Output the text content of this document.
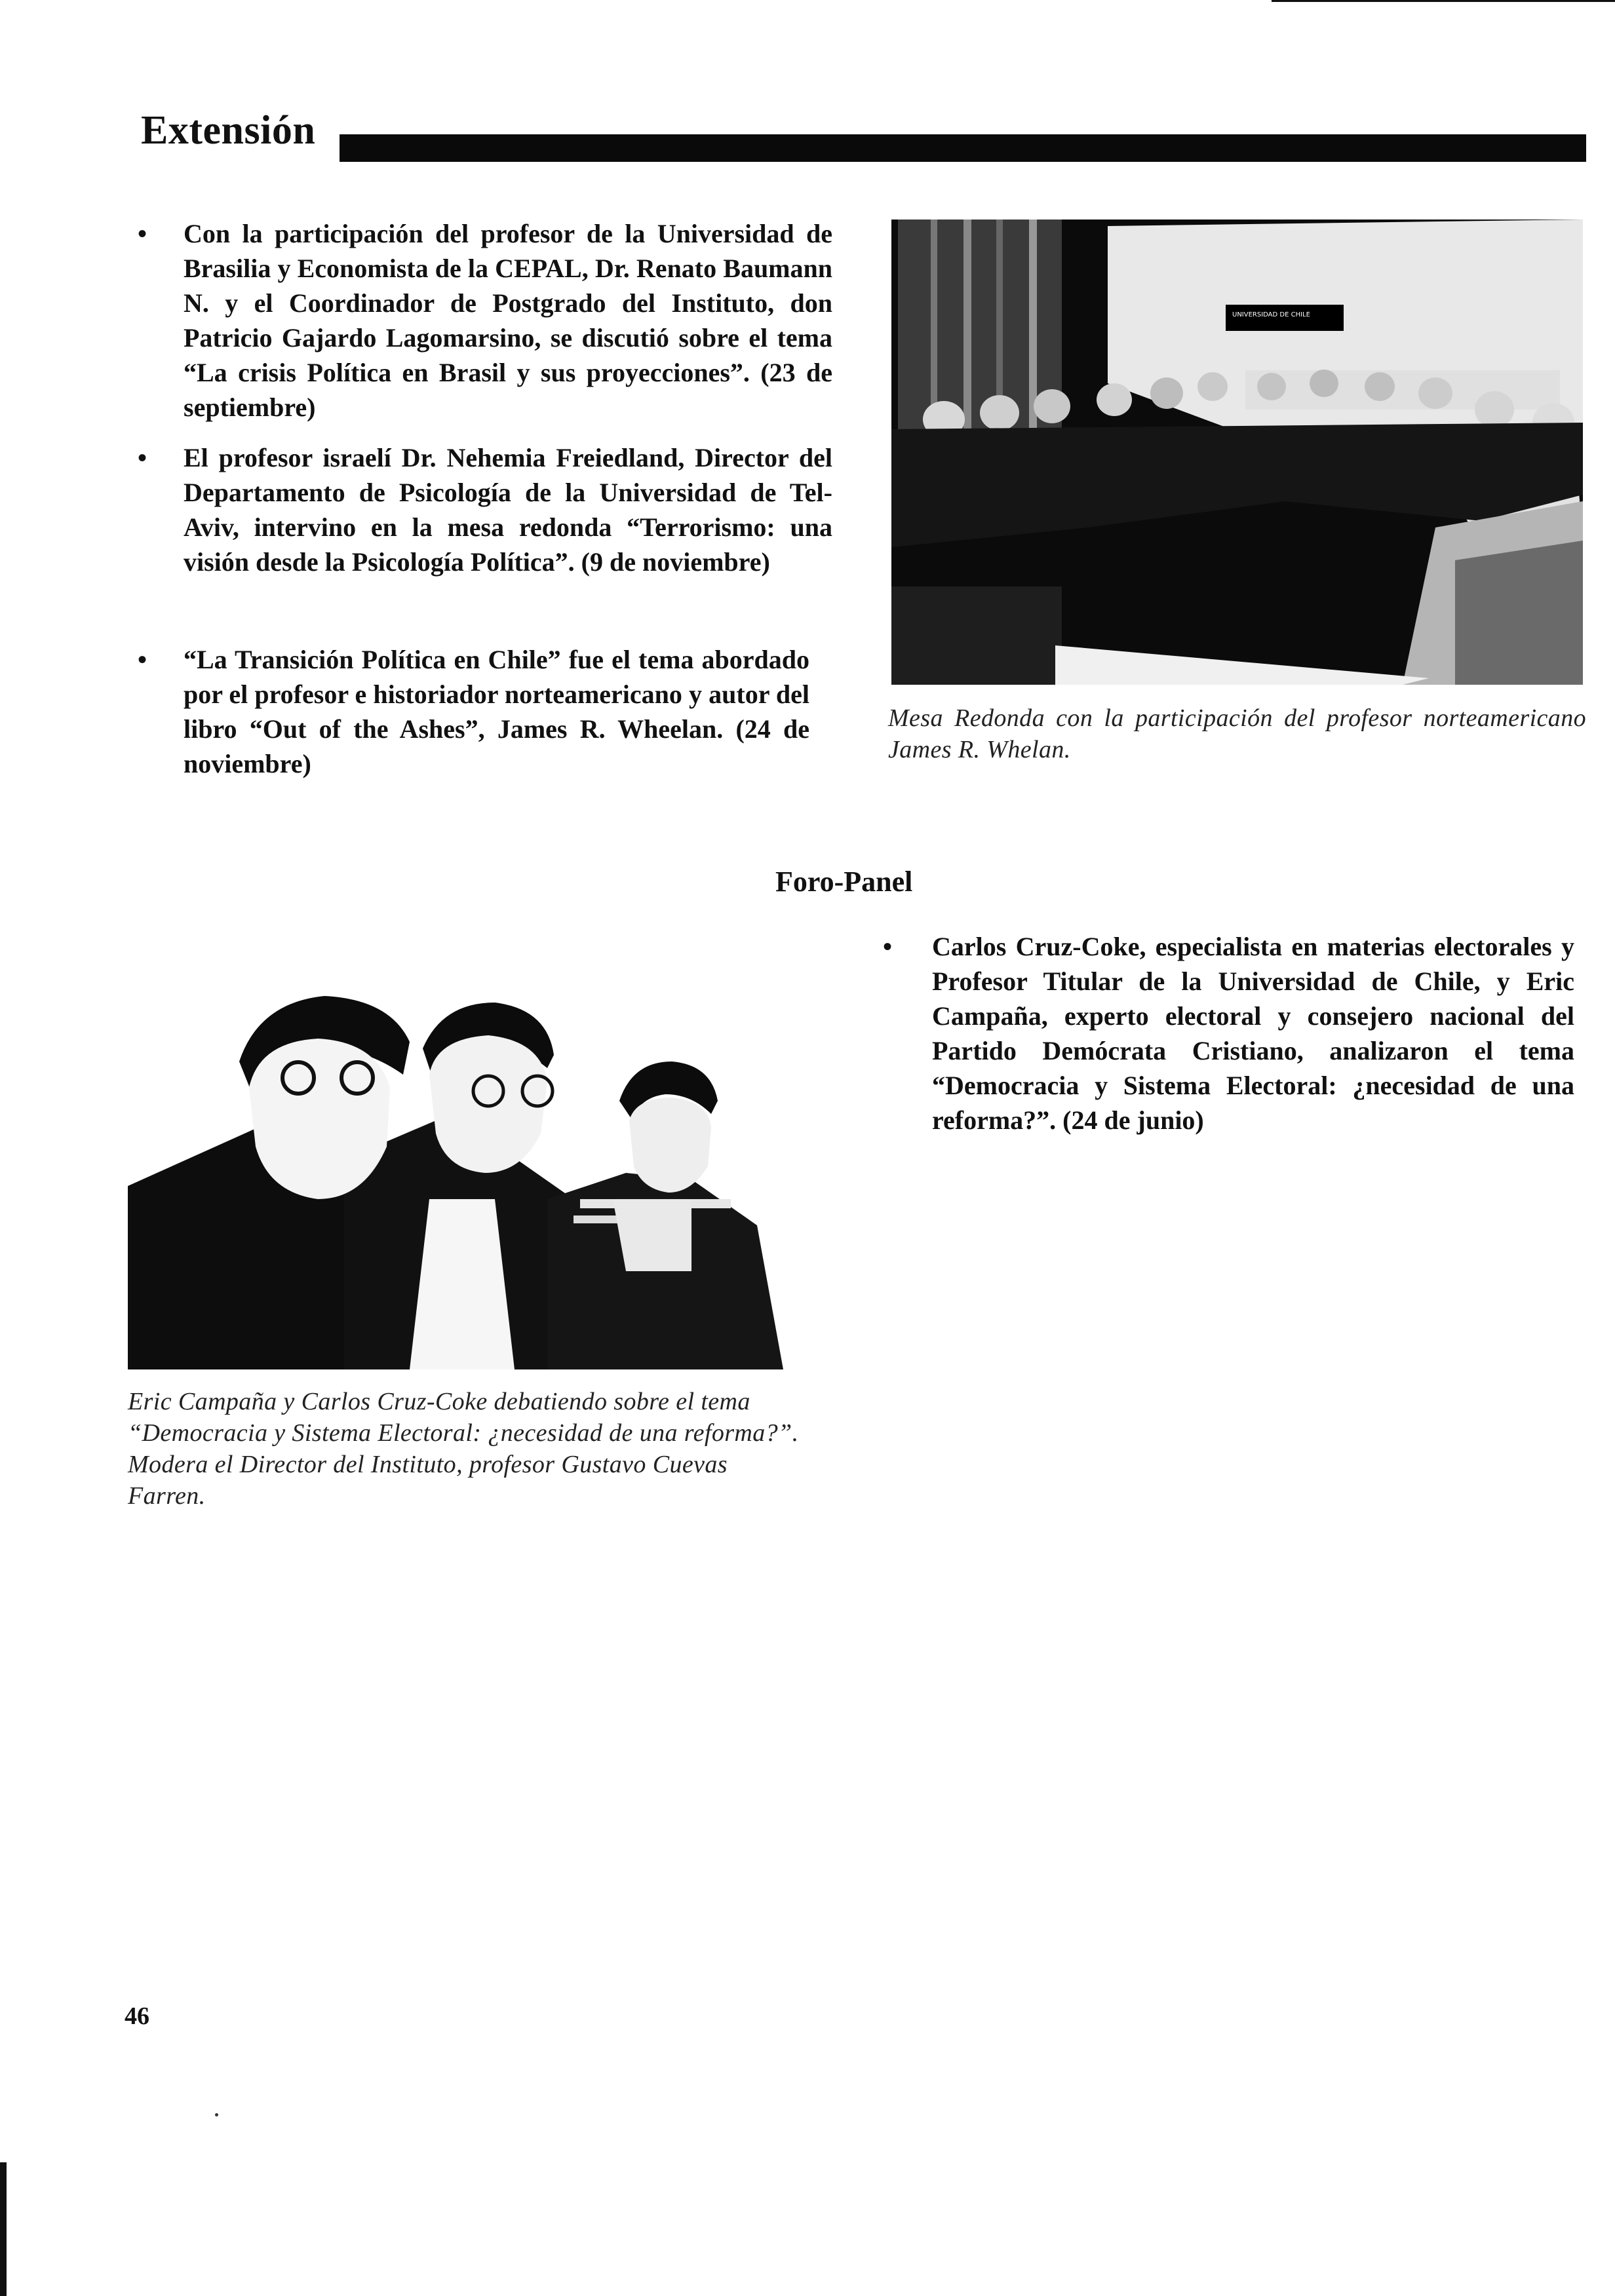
Extensión
• Con la participación del profesor de la Universidad de Brasilia y Economista de la CEPAL, Dr. Renato Baumann N. y el Coordinador de Postgrado del Instituto, don Patricio Gajardo Lagomarsino, se discutió sobre el tema “La crisis Política en Brasil y sus proyecciones”. (23 de septiembre)
• El profesor israelí Dr. Nehemia Freiedland, Director del Departamento de Psicología de la Universidad de Tel-Aviv, intervino en la mesa redonda “Terrorismo: una visión desde la Psicología Política”. (9 de noviembre)
• “La Transición Política en Chile” fue el tema abordado por el profesor e historiador norteamericano y autor del libro “Out of the Ashes”, James R. Wheelan. (24 de noviembre)
UNIVERSIDAD DE CHILE
Mesa Redonda con la participación del profesor norteamericano James R. Whelan.
Foro-Panel
• Carlos Cruz-Coke, especialista en materias electorales y Profesor Titular de la Universidad de Chile, y Eric Campaña, experto electoral y consejero nacional del Partido Demócrata Cristiano, analizaron el tema “Democracia y Sistema Electoral: ¿necesidad de una reforma?”. (24 de junio)
Eric Campaña y Carlos Cruz-Coke debatiendo sobre el tema “Democracia y Sistema Electoral: ¿necesidad de una reforma?”. Modera el Director del Instituto, profesor Gustavo Cuevas Farren.
46
